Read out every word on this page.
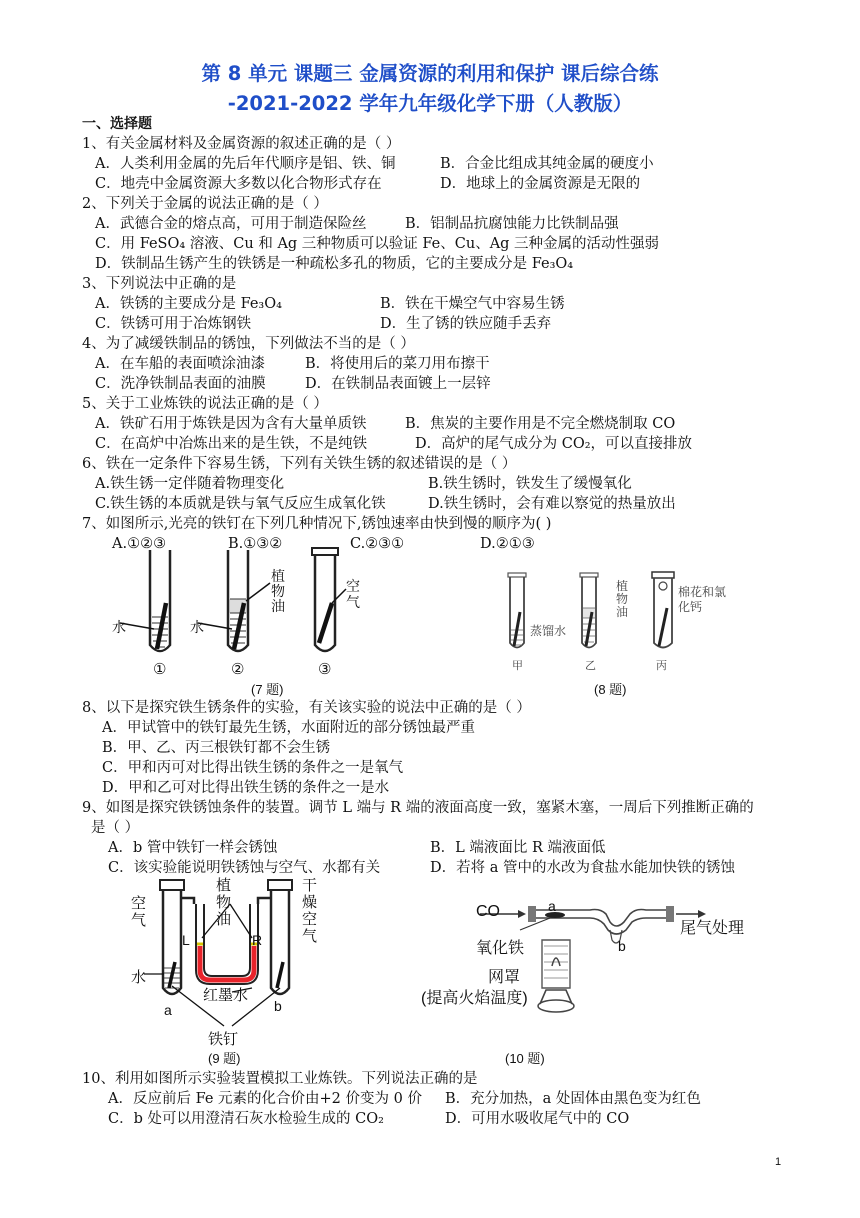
第 8 单元 课题三 金属资源的利用和保护 课后综合练
-2021-2022 学年九年级化学下册（人教版）
一、选择题
1、有关金属材料及金属资源的叙述正确的是（ ）
A．人类利用金属的先后年代顺序是铝、铁、铜	B．合金比组成其纯金属的硬度小
C．地壳中金属资源大多数以化合物形式存在	D．地球上的金属资源是无限的
2、下列关于金属的说法正确的是（ ）
A．武德合金的熔点高，可用于制造保险丝	B．铝制品抗腐蚀能力比铁制品强
C．用 FeSO₄ 溶液、Cu 和 Ag 三种物质可以验证 Fe、Cu、Ag 三种金属的活动性强弱
D．铁制品生锈产生的铁锈是一种疏松多孔的物质，它的主要成分是 Fe₃O₄
3、下列说法中正确的是
A．铁锈的主要成分是 Fe₃O₄	B．铁在干燥空气中容易生锈
C．铁锈可用于冶炼钢铁	D．生了锈的铁应随手丢弃
4、为了减缓铁制品的锈蚀，下列做法不当的是（ ）
A．在车船的表面喷涂油漆	B．将使用后的菜刀用布擦干
C．洗净铁制品表面的油膜	D．在铁制品表面镀上一层锌
5、关于工业炼铁的说法正确的是（ ）
A．铁矿石用于炼铁是因为含有大量单质铁	B．焦炭的主要作用是不完全燃烧制取 CO
C．在高炉中冶炼出来的是生铁，不是纯铁	D．高炉的尾气成分为 CO₂，可以直接排放
6、铁在一定条件下容易生锈，下列有关铁生锈的叙述错误的是（ ）
A.铁生锈一定伴随着物理变化	B.铁生锈时，铁发生了缓慢氧化
C.铁生锈的本质就是铁与氧气反应生成氧化铁	D.铁生锈时，会有难以察觉的热量放出
7、如图所示,光亮的铁钉在下列几种情况下,锈蚀速率由快到慢的顺序为( )
A.①②③	B.①③②	C.②③①	D.②①③
水	水
植物油
空气
①	②	③
(7 题)
蒸馏水
植物油
棉花和氯化钙
甲	乙	丙
(8 题)
8、以下是探究铁生锈条件的实验，有关该实验的说法中正确的是（ ）
A．甲试管中的铁钉最先生锈，水面附近的部分锈蚀最严重
B．甲、乙、丙三根铁钉都不会生锈
C．甲和丙可对比得出铁生锈的条件之一是氧气
D．甲和乙可对比得出铁生锈的条件之一是水
9、如图是探究铁锈蚀条件的装置。调节 L 端与 R 端的液面高度一致，塞紧木塞，一周后下列推断正确的
是（ ）
A．b 管中铁钉一样会锈蚀	B．L 端液面比 R 端液面低
C．该实验能说明铁锈蚀与空气、水都有关	D．若将 a 管中的水改为食盐水能加快铁的锈蚀
空气
植物油
干燥空气
L	R
水
红墨水
a	b
铁钉
(9 题)
CO	a
氧化铁	b
尾气处理
网罩
(提高火焰温度)
(10 题)
10、利用如图所示实验装置模拟工业炼铁。下列说法正确的是
A．反应前后 Fe 元素的化合价由+2 价变为 0 价 B．充分加热，a 处固体由黑色变为红色
C．b 处可以用澄清石灰水检验生成的 CO₂	D．可用水吸收尾气中的 CO
1
